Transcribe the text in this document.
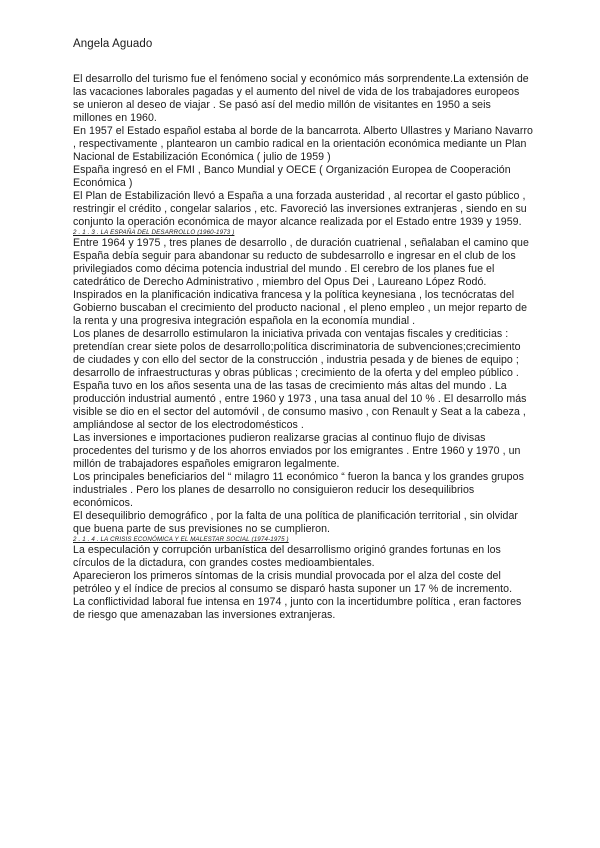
Angela Aguado

El desarrollo del turismo fue el fenómeno social y económico más sorprendente.La extensión de las vacaciones laborales pagadas y el aumento del nivel de vida de los trabajadores europeos se unieron al deseo de viajar . Se pasó así del medio millón de visitantes en 1950 a seis millones en 1960.

En 1957 el Estado español estaba al borde de la bancarrota. Alberto Ullastres y Mariano Navarro , respectivamente , plantearon un cambio radical en la orientación económica mediante un Plan Nacional de Estabilización Económica ( julio de 1959 )

España ingresó en el FMI , Banco Mundial y OECE ( Organización Europea de Cooperación Económica )

El Plan de Estabilización llevó a España a una forzada austeridad , al recortar el gasto público , restringir el crédito , congelar salarios , etc. Favoreció las inversiones extranjeras , siendo en su conjunto la operación económica de mayor alcance realizada por el Estado entre 1939 y 1959.

2 . 1 . 3 . LA ESPAÑA DEL DESARROLLO (1960-1973 )

Entre 1964 y 1975 , tres planes de desarrollo , de duración cuatrienal , señalaban el camino que España debía seguir para abandonar su reducto de subdesarrollo e ingresar en el club de los privilegiados como décima potencia industrial del mundo . El cerebro de los planes fue el catedrático de Derecho Administrativo , miembro del Opus Dei , Laureano López Rodó.

Inspirados en la planificación indicativa francesa y la política keynesiana , los tecnócratas del Gobierno buscaban el crecimiento del producto nacional , el pleno empleo , un mejor reparto de la renta y una progresiva integración española en la economía mundial .

Los planes de desarrollo estimularon la iniciativa privada con ventajas fiscales y crediticias : pretendían crear siete polos de desarrollo;política discriminatoria de subvenciones;crecimiento de ciudades y con ello del sector de la construcción , industria pesada y de bienes de equipo ; desarrollo de infraestructuras y obras públicas ; crecimiento de la oferta y del empleo público . España tuvo en los años sesenta una de las tasas de crecimiento más altas del mundo . La producción industrial aumentó , entre 1960 y 1973 , una tasa anual del 10 % . El desarrollo más visible se dio en el sector del automóvil , de consumo masivo , con Renault y Seat a la cabeza , ampliándose al sector de los electrodomésticos .

Las inversiones e importaciones pudieron realizarse gracias al continuo flujo de divisas procedentes del turismo y de los ahorros enviados por los emigrantes . Entre 1960 y 1970 , un millón de trabajadores españoles emigraron legalmente.

Los principales beneficiarios del “ milagro 11 económico “ fueron la banca y los grandes grupos industriales . Pero los planes de desarrollo no consiguieron reducir los desequilibrios económicos.

El desequilibrio demográfico , por la falta de una política de planificación territorial , sin olvidar que buena parte de sus previsiones no se cumplieron.

2 . 1 . 4 . LA CRISIS ECONÓMICA Y EL MALESTAR SOCIAL (1974-1975 )

La especulación y corrupción urbanística del desarrollismo originó grandes fortunas en los círculos de la dictadura, con grandes costes medioambientales.

Aparecieron los primeros síntomas de la crisis mundial provocada por el alza del coste del petróleo y el índice de precios al consumo se disparó hasta suponer un 17 % de incremento.

La conflictividad laboral fue intensa en 1974 , junto con la incertidumbre política , eran factores de riesgo que amenazaban las inversiones extranjeras.
